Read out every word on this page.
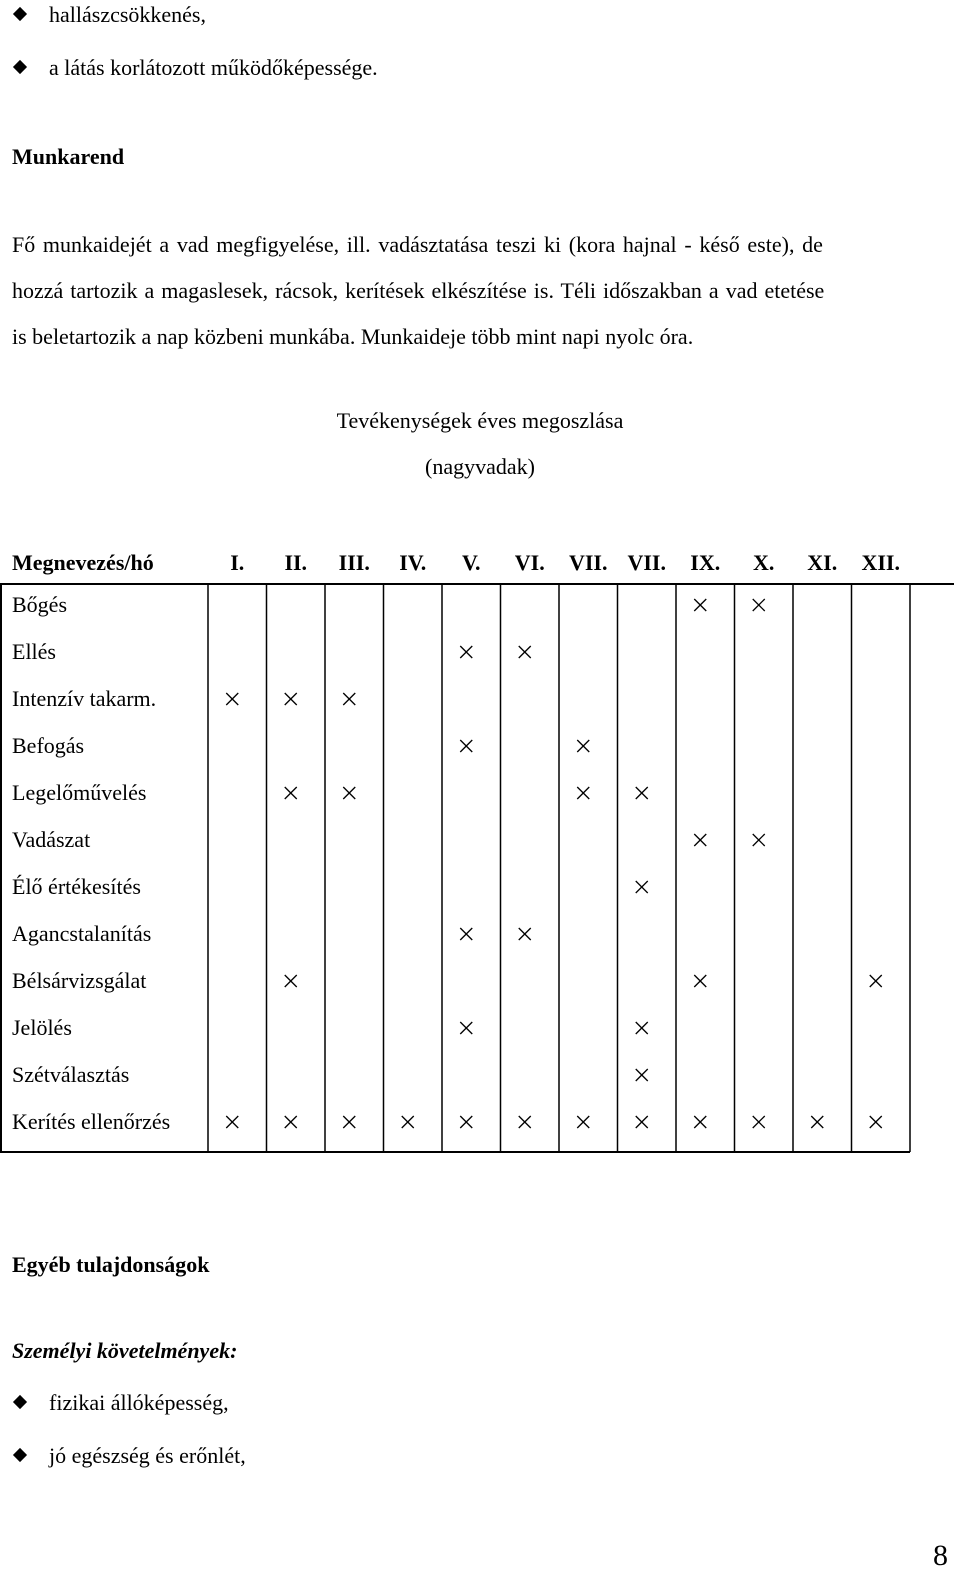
hallászcsökkenés,
a látás korlátozott működőképessége.
Munkarend
Fő munkaidejét a vad megfigyelése, ill. vadásztatása teszi ki (kora hajnal - késő este), de
hozzá tartozik a magaslesek, rácsok, kerítések elkészítése is. Téli időszakban a vad etetése
is beletartozik a nap közbeni munkába. Munkaideje több mint napi nyolc óra.
Tevékenységek éves megoszlása
(nagyvadak)
Megnevezés/hó	I. II. III. IV. V. VI. VII. VII. IX. X. XI. XII.
Bőgés
Ellés
Intenzív takarm.
Befogás
Legelőművelés
Vadászat
Élő értékesítés
Agancstalanítás
Bélsárvizsgálat
Jelölés
Szétválasztás
Kerítés ellenőrzés
Egyéb tulajdonságok
Személyi követelmények:
fizikai állóképesség,
jó egészség és erőnlét,
8
